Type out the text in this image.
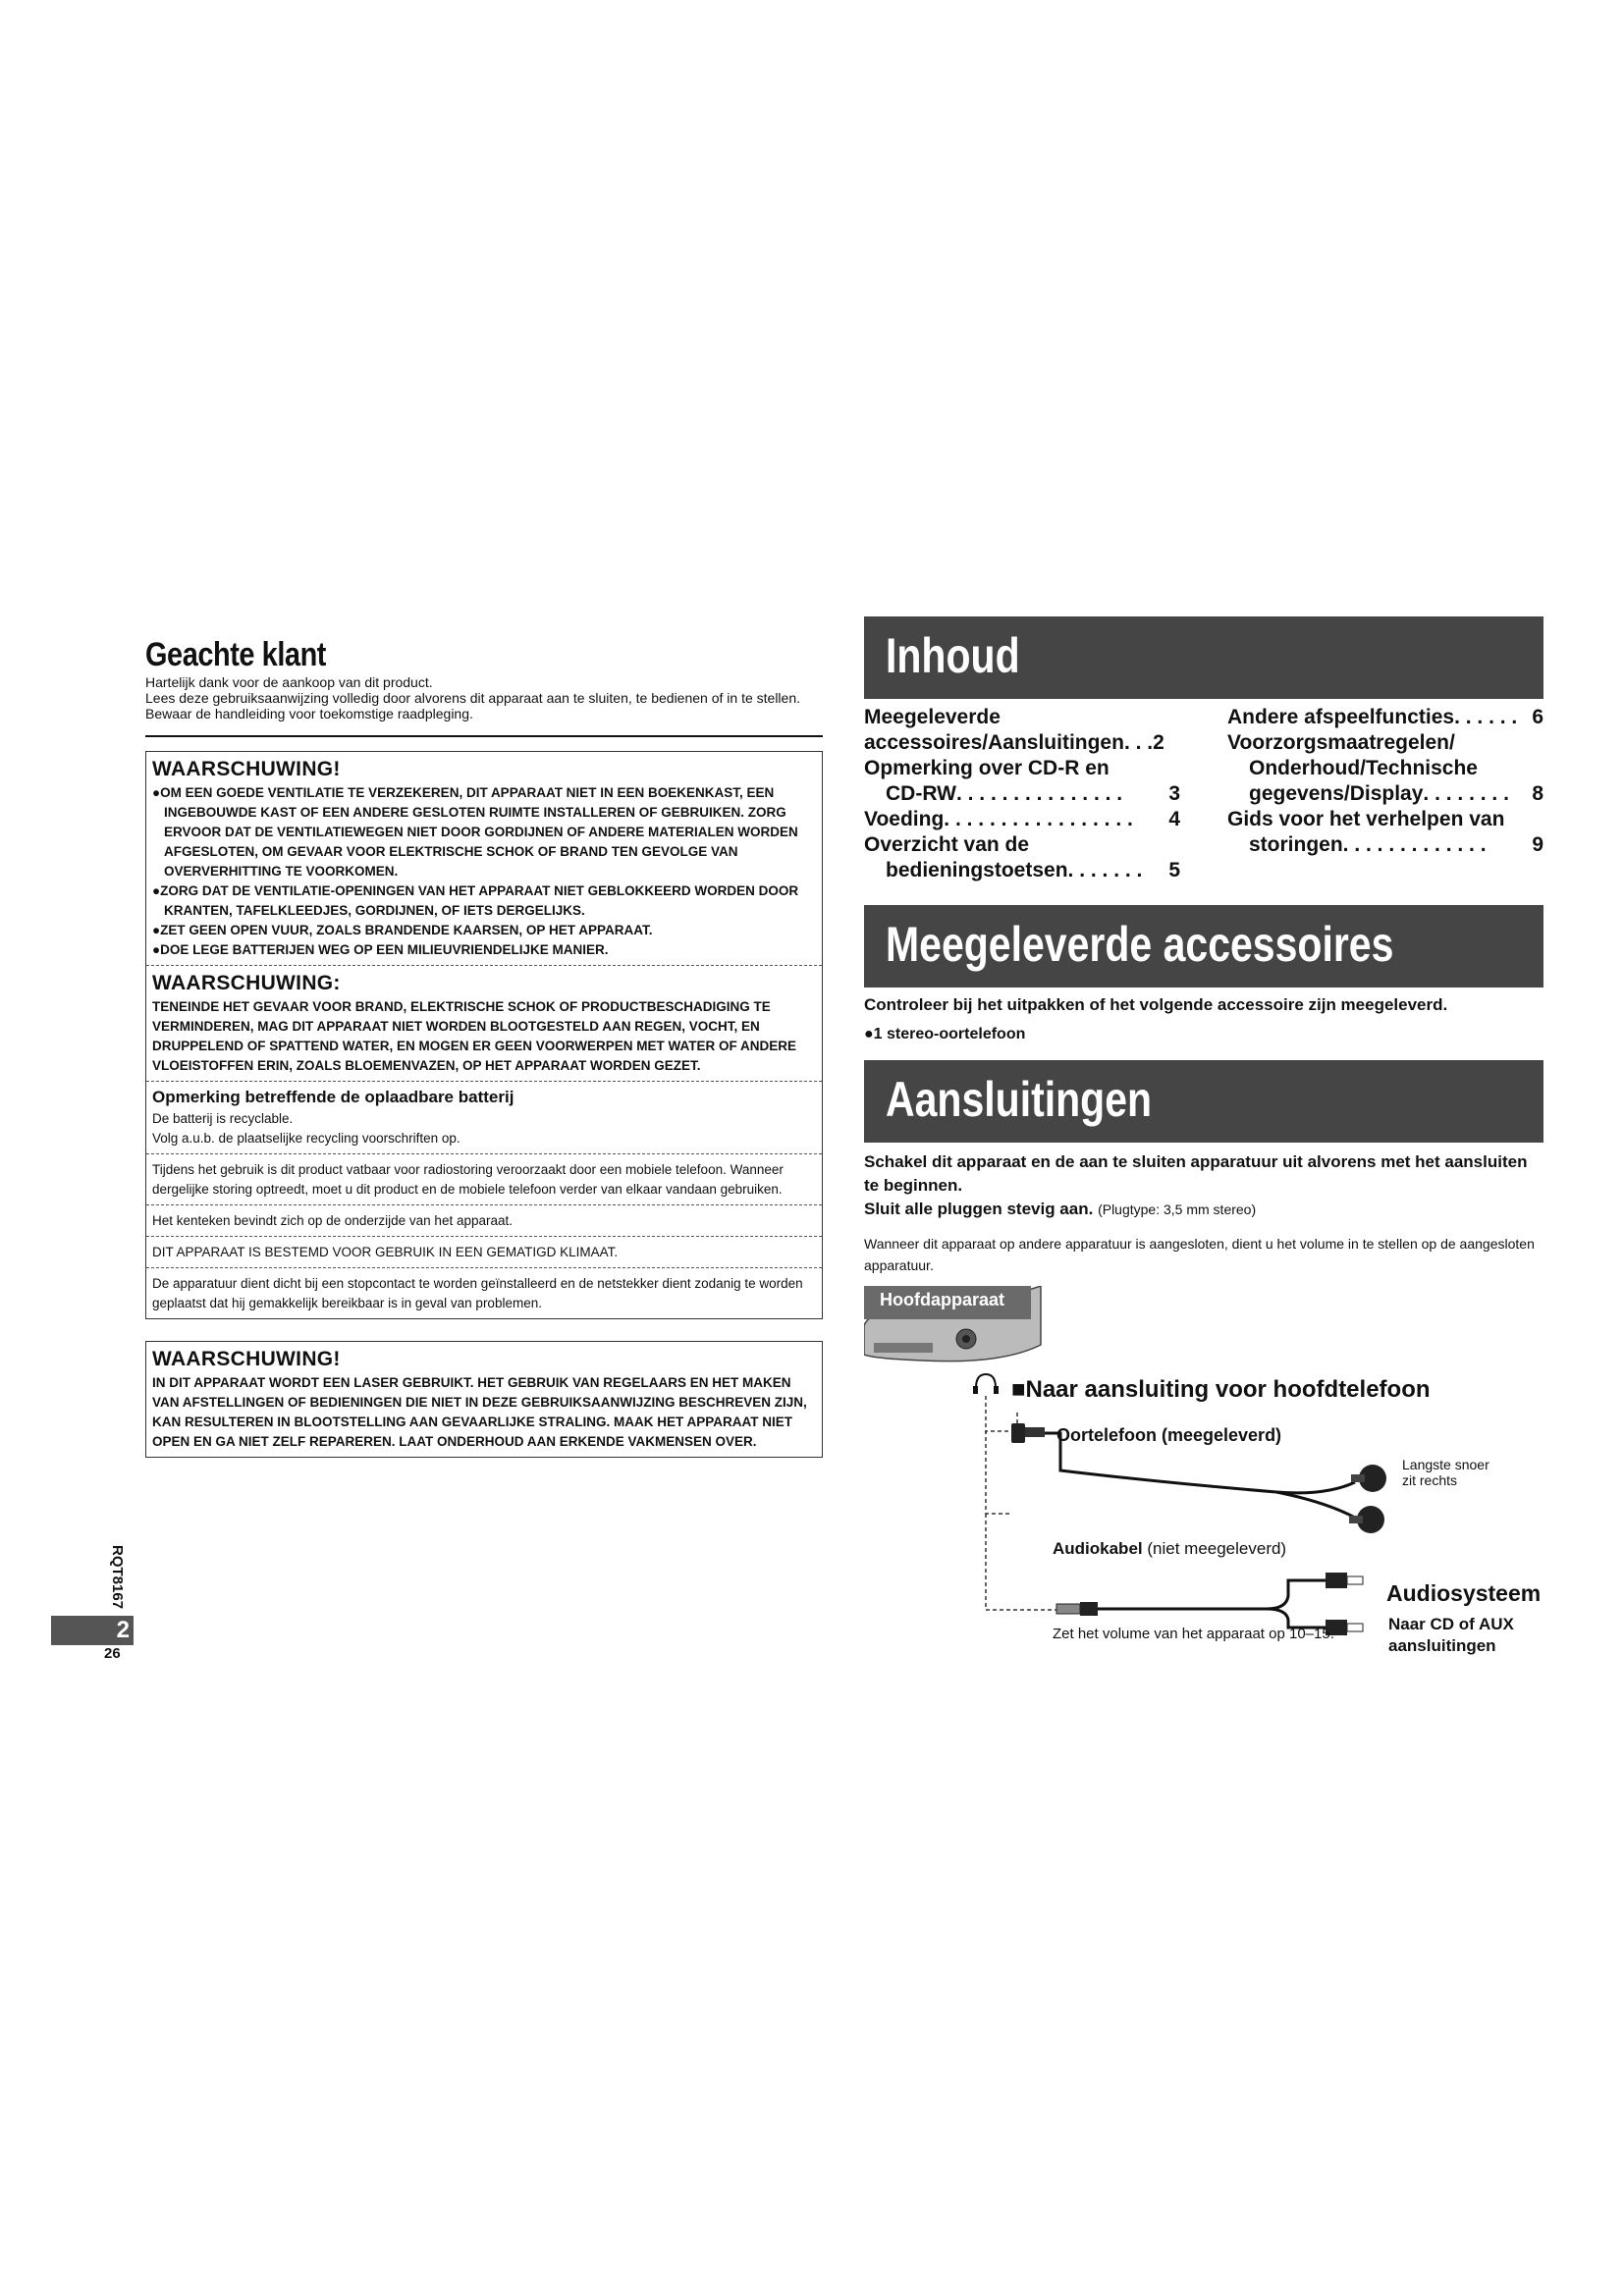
Geachte klant

Hartelijk dank voor de aankoop van dit product.

Lees deze gebruiksaanwijzing volledig door alvorens dit apparaat aan te sluiten, te bedienen of in te stellen. Bewaar de handleiding voor toekomstige raadpleging.

WAARSCHUWING!

●OM EEN GOEDE VENTILATIE TE VERZEKEREN, DIT APPARAAT NIET IN EEN BOEKENKAST, EEN INGEBOUWDE KAST OF EEN ANDERE GESLOTEN RUIMTE INSTALLEREN OF GEBRUIKEN. ZORG ERVOOR DAT DE VENTILATIEWEGEN NIET DOOR GORDIJNEN OF ANDERE MATERIALEN WORDEN AFGESLOTEN, OM GEVAAR VOOR ELEKTRISCHE SCHOK OF BRAND TEN GEVOLGE VAN OVERVERHITTING TE VOORKOMEN.

●ZORG DAT DE VENTILATIE-OPENINGEN VAN HET APPARAAT NIET GEBLOKKEERD WORDEN DOOR KRANTEN, TAFELKLEEDJES, GORDIJNEN, OF IETS DERGELIJKS.

●ZET GEEN OPEN VUUR, ZOALS BRANDENDE KAARSEN, OP HET APPARAAT.

●DOE LEGE BATTERIJEN WEG OP EEN MILIEUVRIENDELIJKE MANIER.

WAARSCHUWING:

TENEINDE HET GEVAAR VOOR BRAND, ELEKTRISCHE SCHOK OF PRODUCTBESCHADIGING TE VERMINDEREN, MAG DIT APPARAAT NIET WORDEN BLOOTGESTELD AAN REGEN, VOCHT, EN DRUPPELEND OF SPATTEND WATER, EN MOGEN ER GEEN VOORWERPEN MET WATER OF ANDERE VLOEISTOFFEN ERIN, ZOALS BLOEMENVAZEN, OP HET APPARAAT WORDEN GEZET.

Opmerking betreffende de oplaadbare batterij

De batterij is recyclable.

Volg a.u.b. de plaatselijke recycling voorschriften op.

Tijdens het gebruik is dit product vatbaar voor radiostoring veroorzaakt door een mobiele telefoon. Wanneer dergelijke storing optreedt, moet u dit product en de mobiele telefoon verder van elkaar vandaan gebruiken.

Het kenteken bevindt zich op de onderzijde van het apparaat.

DIT APPARAAT IS BESTEMD VOOR GEBRUIK IN EEN GEMATIGD KLIMAAT.

De apparatuur dient dicht bij een stopcontact te worden geïnstalleerd en de netstekker dient zodanig te worden geplaatst dat hij gemakkelijk bereikbaar is in geval van problemen.

WAARSCHUWING!

IN DIT APPARAAT WORDT EEN LASER GEBRUIKT. HET GEBRUIK VAN REGELAARS EN HET MAKEN VAN AFSTELLINGEN OF BEDIENINGEN DIE NIET IN DEZE GEBRUIKSAANWIJZING BESCHREVEN ZIJN, KAN RESULTEREN IN BLOOTSTELLING AAN GEVAARLIJKE STRALING. MAAK HET APPARAAT NIET OPEN EN GA NIET ZELF REPAREREN. LAAT ONDERHOUD AAN ERKENDE VAKMENSEN OVER.

RQT8167
2
26
Inhoud

Meegeleverde

accessoires/Aansluitingen . . . 2

Opmerking over CD-R en

CD-RW . . . . . . . . . . . . . . .	3
Voeding . . . . . . . . . . . . . . . . .	4

Overzicht van de

bedieningstoetsen . . . . . . .	5
Andere afspeelfuncties . . . . . . 6

Voorzorgsmaatregelen/

Onderhoud/Technische

gegevens/Display . . . . . . . .	8

Gids voor het verhelpen van

storingen . . . . . . . . . . . . .	9
Meegeleverde accessoires

Controleer bij het uitpakken of het volgende accessoire zijn meegeleverd.

●1 stereo-oortelefoon

Aansluitingen

Schakel dit apparaat en de aan te sluiten apparatuur uit alvorens met het aansluiten te beginnen.

Sluit alle pluggen stevig aan. (Plugtype: 3,5 mm stereo)

Wanneer dit apparaat op andere apparatuur is aangesloten, dient u het volume in te stellen op de aangesloten apparatuur.

Hoofdapparaat
■Naar aansluiting voor hoofdtelefoon
Oortelefoon (meegeleverd)
Langste snoer
zit rechts
Audiokabel (niet meegeleverd)
Zet het volume van het apparaat op 10–15.
Audiosysteem
Naar CD of AUX
aansluitingen
